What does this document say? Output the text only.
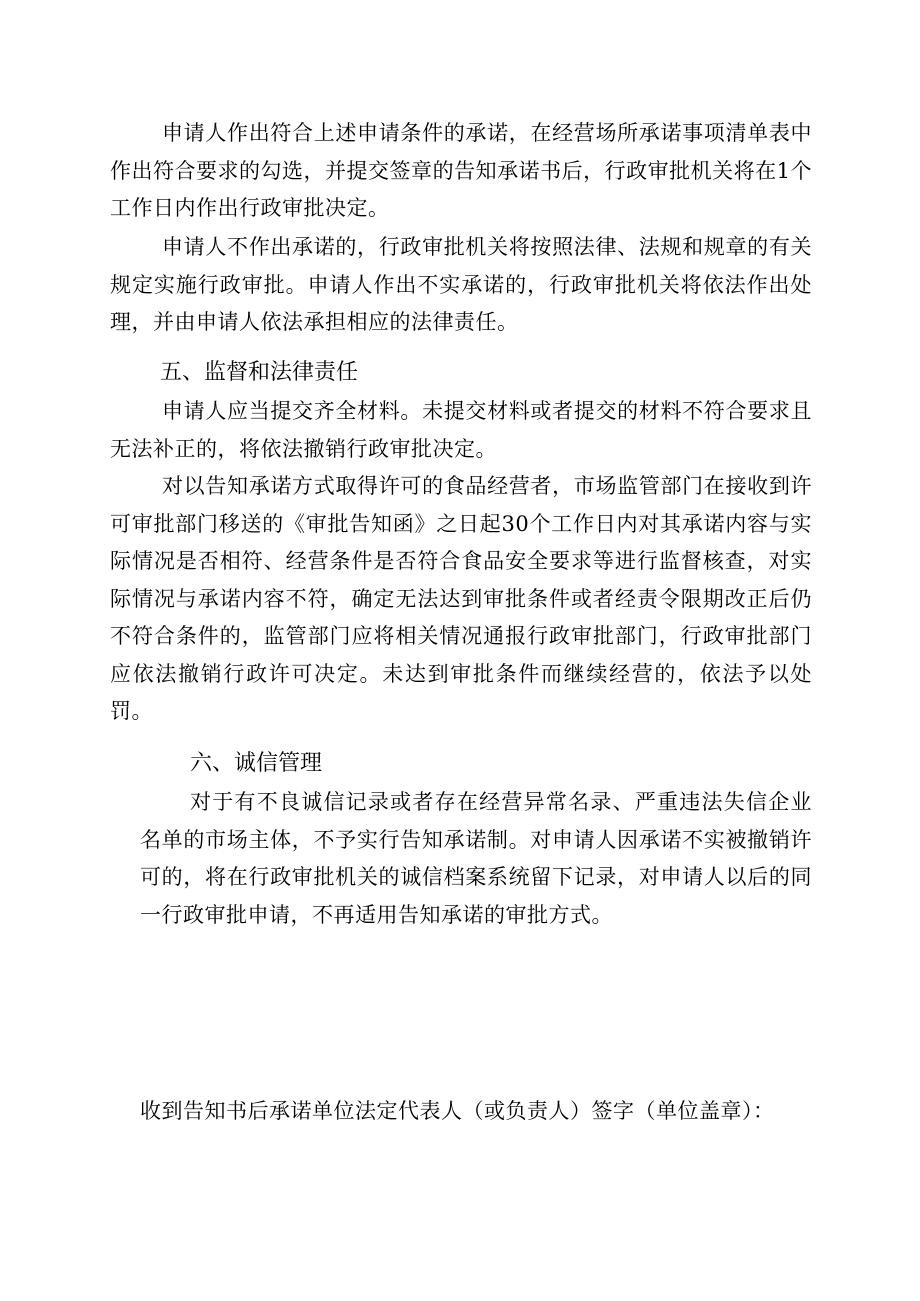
申请人作出符合上述申请条件的承诺，在经营场所承诺事项清单表中作出符合要求的勾选，并提交签章的告知承诺书后，行政审批机关将在1个工作日内作出行政审批决定。

申请人不作出承诺的，行政审批机关将按照法律、法规和规章的有关规定实施行政审批。申请人作出不实承诺的，行政审批机关将依法作出处理，并由申请人依法承担相应的法律责任。

五、监督和法律责任

申请人应当提交齐全材料。未提交材料或者提交的材料不符合要求且无法补正的，将依法撤销行政审批决定。

对以告知承诺方式取得许可的食品经营者，市场监管部门在接收到许可审批部门移送的《审批告知函》之日起30个工作日内对其承诺内容与实际情况是否相符、经营条件是否符合食品安全要求等进行监督核查，对实际情况与承诺内容不符，确定无法达到审批条件或者经责令限期改正后仍不符合条件的，监管部门应将相关情况通报行政审批部门，行政审批部门应依法撤销行政许可决定。未达到审批条件而继续经营的，依法予以处罚。

六、诚信管理

对于有不良诚信记录或者存在经营异常名录、严重违法失信企业名单的市场主体，不予实行告知承诺制。对申请人因承诺不实被撤销许可的，将在行政审批机关的诚信档案系统留下记录，对申请人以后的同一行政审批申请，不再适用告知承诺的审批方式。

收到告知书后承诺单位法定代表人（或负责人）签字（单位盖章）：
